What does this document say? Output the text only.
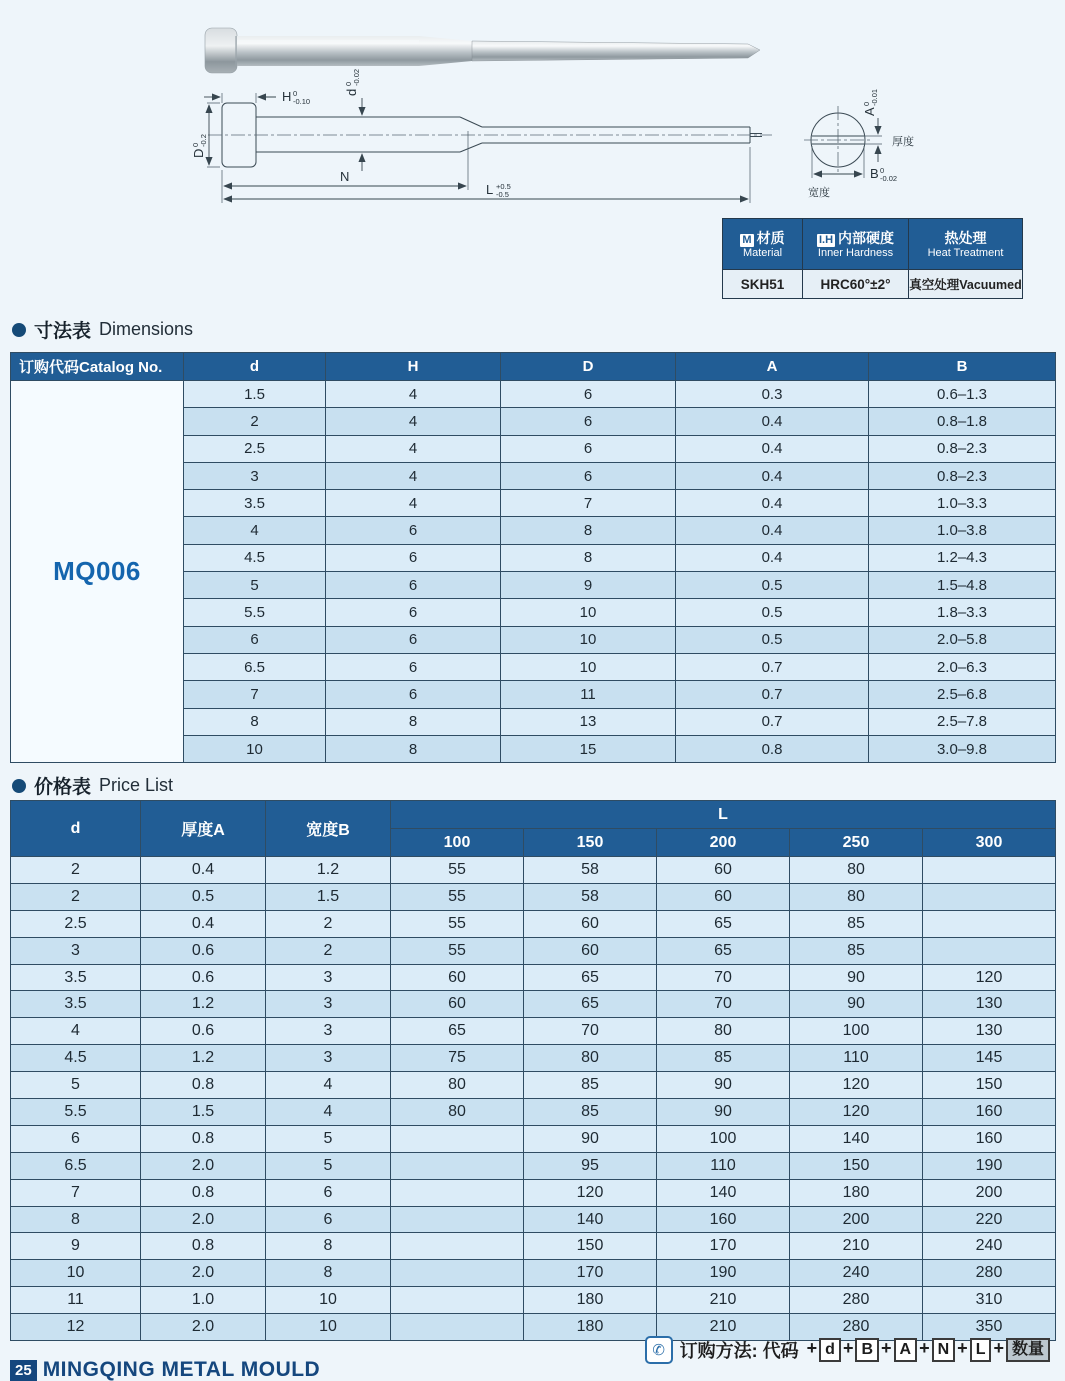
H 0
-0.10
d
0 -0.02
D
0 -0.2
N
L +0.5
-0.5
A
0 -0.01
厚度
B 0
-0.02
宽度
M 材质
Material

I.H 内部硬度
Inner Hardness

热处理
Heat Treatment

SKH51	HRC60°±2°	真空处理Vacuumed
寸法表 Dimensions
订购代码Catalog No.	d	H	D	A	B
MQ006	1.5	4	6	0.3	0.6–1.3
	2	4	6	0.4	0.8–1.8
	2.5	4	6	0.4	0.8–2.3
	3	4	6	0.4	0.8–2.3
	3.5	4	7	0.4	1.0–3.3
	4	6	8	0.4	1.0–3.8
	4.5	6	8	0.4	1.2–4.3
	5	6	9	0.5	1.5–4.8
	5.5	6	10	0.5	1.8–3.3
	6	6	10	0.5	2.0–5.8
	6.5	6	10	0.7	2.0–6.3
	7	6	11	0.7	2.5–6.8
	8	8	13	0.7	2.5–7.8
	10	8	15	0.8	3.0–9.8
价格表 Price List
d	厚度A	宽度B	L				
			100	150	200	250	300
2	0.4	1.2	55	58	60	80	
2	0.5	1.5	55	58	60	80	
2.5	0.4	2	55	60	65	85	
3	0.6	2	55	60	65	85	
3.5	0.6	3	60	65	70	90	120
3.5	1.2	3	60	65	70	90	130
4	0.6	3	65	70	80	100	130
4.5	1.2	3	75	80	85	110	145
5	0.8	4	80	85	90	120	150
5.5	1.5	4	80	85	90	120	160
6	0.8	5		90	100	140	160
6.5	2.0	5		95	110	150	190
7	0.8	6		120	140	180	200
8	2.0	6		140	160	200	220
9	0.8	8		150	170	210	240
10	2.0	8		170	190	240	280
11	1.0	10		180	210	280	310
12	2.0	10		180	210	280	350
✆ 订购方法: 代码 + d + B + A + N + L + 数量
25 MINGQING METAL MOULD
